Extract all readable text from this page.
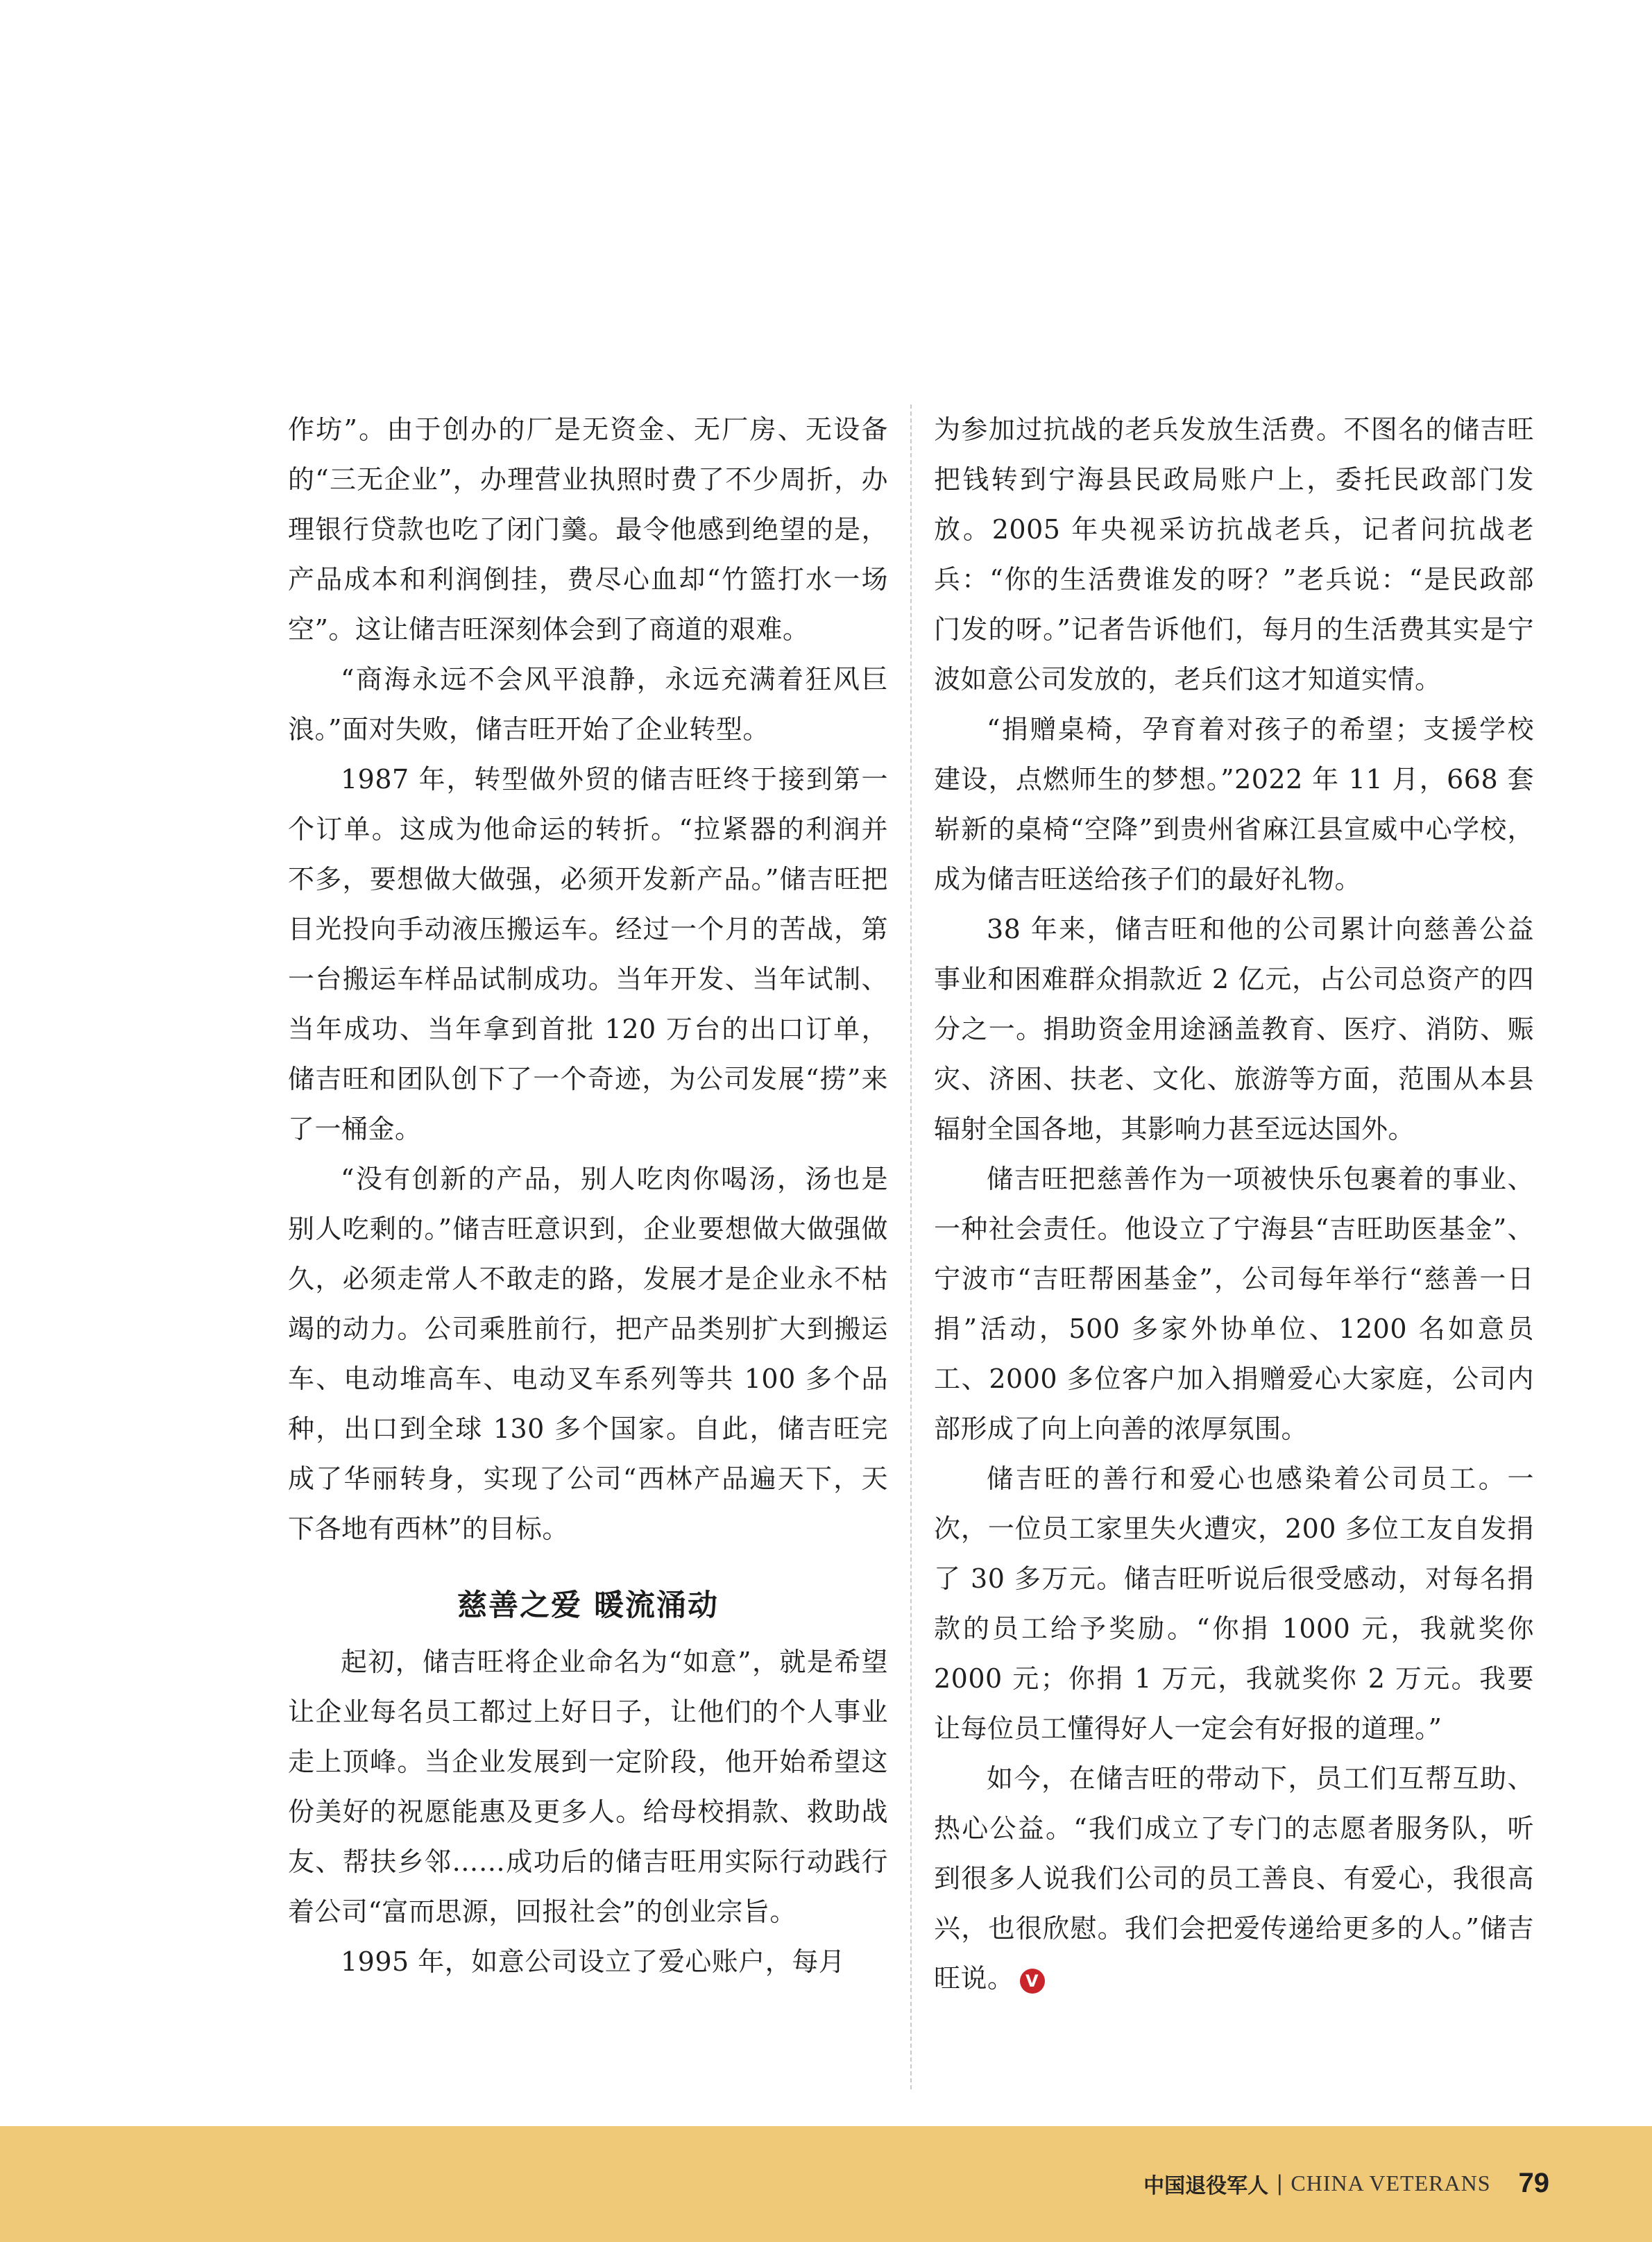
作坊”。由于创办的厂是无资金、无厂房、无设备的“三无企业”，办理营业执照时费了不少周折，办理银行贷款也吃了闭门羹。最令他感到绝望的是，产品成本和利润倒挂，费尽心血却“竹篮打水一场空”。这让储吉旺深刻体会到了商道的艰难。

“商海永远不会风平浪静，永远充满着狂风巨浪。”面对失败，储吉旺开始了企业转型。

1987 年，转型做外贸的储吉旺终于接到第一个订单。这成为他命运的转折。“拉紧器的利润并不多，要想做大做强，必须开发新产品。”储吉旺把目光投向手动液压搬运车。经过一个月的苦战，第一台搬运车样品试制成功。当年开发、当年试制、当年成功、当年拿到首批 120 万台的出口订单，储吉旺和团队创下了一个奇迹，为公司发展“捞”来了一桶金。

“没有创新的产品，别人吃肉你喝汤，汤也是别人吃剩的。”储吉旺意识到，企业要想做大做强做久，必须走常人不敢走的路，发展才是企业永不枯竭的动力。公司乘胜前行，把产品类别扩大到搬运车、电动堆高车、电动叉车系列等共 100 多个品种，出口到全球 130 多个国家。自此，储吉旺完成了华丽转身，实现了公司“西林产品遍天下，天下各地有西林”的目标。

慈善之爱 暖流涌动

起初，储吉旺将企业命名为“如意”，就是希望让企业每名员工都过上好日子，让他们的个人事业走上顶峰。当企业发展到一定阶段，他开始希望这份美好的祝愿能惠及更多人。给母校捐款、救助战友、帮扶乡邻……成功后的储吉旺用实际行动践行着公司“富而思源，回报社会”的创业宗旨。

1995 年，如意公司设立了爱心账户，每月

为参加过抗战的老兵发放生活费。不图名的储吉旺把钱转到宁海县民政局账户上，委托民政部门发放。2005 年央视采访抗战老兵，记者问抗战老兵：“你的生活费谁发的呀？”老兵说：“是民政部门发的呀。”记者告诉他们，每月的生活费其实是宁波如意公司发放的，老兵们这才知道实情。

“捐赠桌椅，孕育着对孩子的希望；支援学校建设，点燃师生的梦想。”2022 年 11 月，668 套崭新的桌椅“空降”到贵州省麻江县宣威中心学校，成为储吉旺送给孩子们的最好礼物。

38 年来，储吉旺和他的公司累计向慈善公益事业和困难群众捐款近 2 亿元，占公司总资产的四分之一。捐助资金用途涵盖教育、医疗、消防、赈灾、济困、扶老、文化、旅游等方面，范围从本县辐射全国各地，其影响力甚至远达国外。

储吉旺把慈善作为一项被快乐包裹着的事业、一种社会责任。他设立了宁海县“吉旺助医基金”、宁波市“吉旺帮困基金”，公司每年举行“慈善一日捐”活动，500 多家外协单位、1200 名如意员工、2000 多位客户加入捐赠爱心大家庭，公司内部形成了向上向善的浓厚氛围。

储吉旺的善行和爱心也感染着公司员工。一次，一位员工家里失火遭灾，200 多位工友自发捐了 30 多万元。储吉旺听说后很受感动，对每名捐款的员工给予奖励。“你捐 1000 元，我就奖你 2000 元；你捐 1 万元，我就奖你 2 万元。我要让每位员工懂得好人一定会有好报的道理。”

如今，在储吉旺的带动下，员工们互帮互助、热心公益。“我们成立了专门的志愿者服务队，听到很多人说我们公司的员工善良、有爱心，我很高兴，也很欣慰。我们会把爱传递给更多的人。”储吉旺说。 V

中国退役军人 | CHINA VETERANS 79
